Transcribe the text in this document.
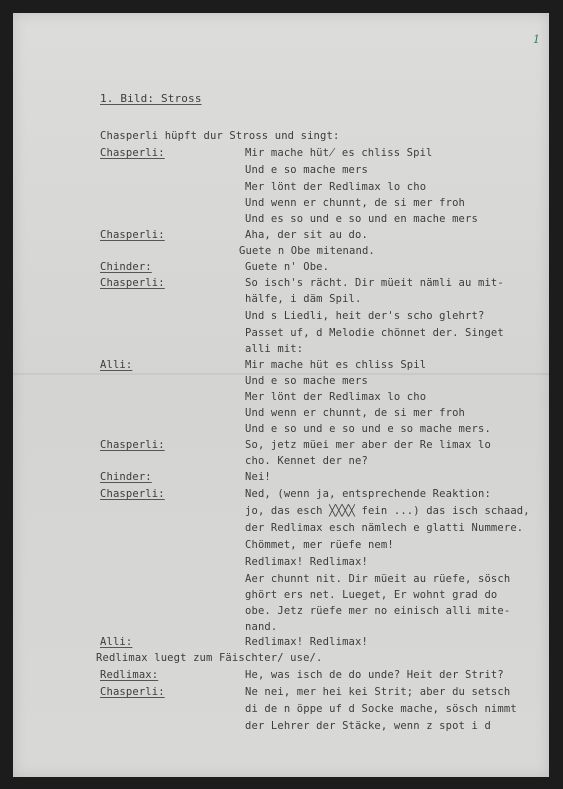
1
1. Bild: Stross
Chasperli hüpft dur Stross und singt:
Chasperli:	Mir mache hüt̸ es chliss Spil
Und e so mache mers
Mer lönt der Redlimax lo cho
Und wenn er chunnt, de si mer froh
Und es so und e so und en mache mers
Chasperli:	Aha, der sit au do.
Guete n Obe mitenand.
Chinder:	Guete n' Obe.
Chasperli:	So isch's rächt. Dir müeit nämli au mit-
hälfe, i däm Spil.
Und s Liedli, heit der's scho glehrt?
Passet uf, d Melodie chönnet der. Singet
alli mit:
Alli:	Mir mache hüt es chliss Spil
Und e so mache mers
Mer lönt der Redlimax lo cho
Und wenn er chunnt, de si mer froh
Und e so und e so und e so mache mers.
Chasperli:	So, jetz müei mer aber der Re limax lo
cho. Kennet der ne?
Chinder:	Nei!
Chasperli:	Ned, (wenn ja, entsprechende Reaktion:
jo, das esch ╳╳╳╳ fein ...) das isch schaad,
der Redlimax esch nämlech e glatti Nummere.
Chömmet, mer rüefe nem!
Redlimax! Redlimax!
Aer chunnt nit. Dir müeit au rüefe, sösch
ghört ers net. Lueget, Er wohnt grad do
obe. Jetz rüefe mer no einisch alli mite-
nand.
Alli:	Redlimax! Redlimax!
Redlimax luegt zum Fäischter/ use/.
Redlimax:	He, was isch de do unde? Heit der Strit?
Chasperli:	Ne nei, mer hei kei Strit; aber du setsch
di de n öppe uf d Socke mache, sösch nimmt
der Lehrer der Stäcke, wenn z spot i d
